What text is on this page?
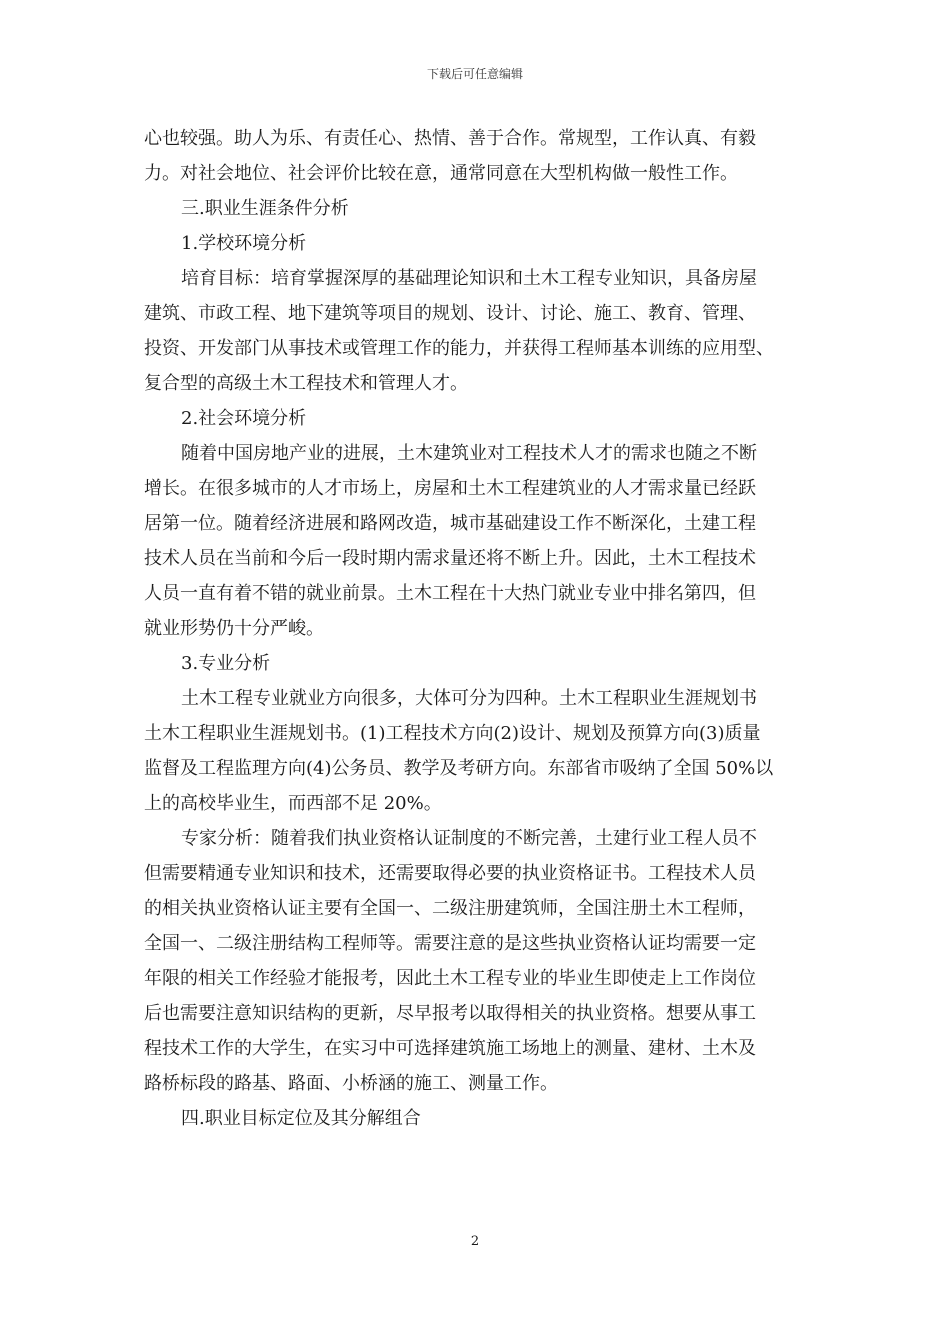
下载后可任意编辑
心也较强。助人为乐、有责任心、热情、善于合作。常规型，工作认真、有毅
力。对社会地位、社会评价比较在意，通常同意在大型机构做一般性工作。
三.职业生涯条件分析
1.学校环境分析
培育目标：培育掌握深厚的基础理论知识和土木工程专业知识，具备房屋
建筑、市政工程、地下建筑等项目的规划、设计、讨论、施工、教育、管理、
投资、开发部门从事技术或管理工作的能力，并获得工程师基本训练的应用型、
复合型的高级土木工程技术和管理人才。
2.社会环境分析
随着中国房地产业的进展，土木建筑业对工程技术人才的需求也随之不断
增长。在很多城市的人才市场上，房屋和土木工程建筑业的人才需求量已经跃
居第一位。随着经济进展和路网改造，城市基础建设工作不断深化，土建工程
技术人员在当前和今后一段时期内需求量还将不断上升。因此，土木工程技术
人员一直有着不错的就业前景。土木工程在十大热门就业专业中排名第四，但
就业形势仍十分严峻。
3.专业分析
土木工程专业就业方向很多，大体可分为四种。土木工程职业生涯规划书
土木工程职业生涯规划书。(1)工程技术方向(2)设计、规划及预算方向(3)质量
监督及工程监理方向(4)公务员、教学及考研方向。东部省市吸纳了全国 50%以
上的高校毕业生，而西部不足 20%。
专家分析：随着我们执业资格认证制度的不断完善，土建行业工程人员不
但需要精通专业知识和技术，还需要取得必要的执业资格证书。工程技术人员
的相关执业资格认证主要有全国一、二级注册建筑师，全国注册土木工程师，
全国一、二级注册结构工程师等。需要注意的是这些执业资格认证均需要一定
年限的相关工作经验才能报考，因此土木工程专业的毕业生即使走上工作岗位
后也需要注意知识结构的更新，尽早报考以取得相关的执业资格。想要从事工
程技术工作的大学生，在实习中可选择建筑施工场地上的测量、建材、土木及
路桥标段的路基、路面、小桥涵的施工、测量工作。
四.职业目标定位及其分解组合
2
